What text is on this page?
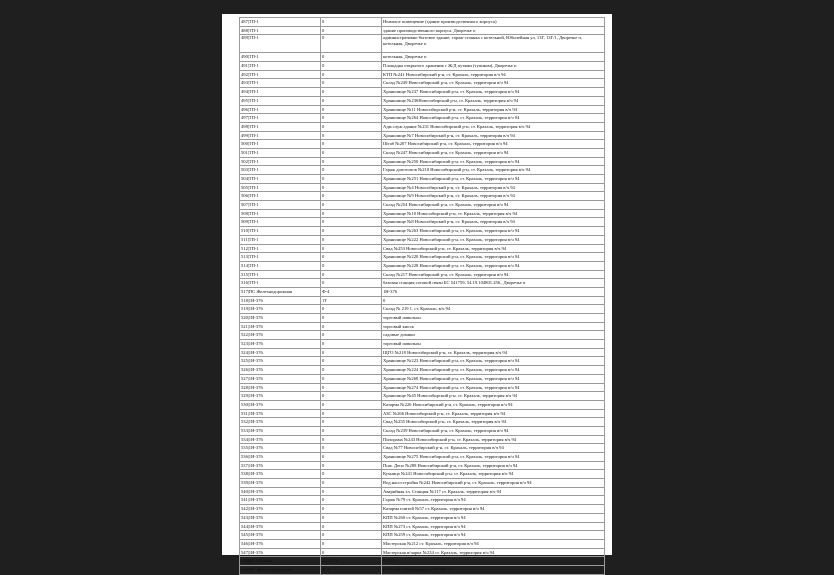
487|ТП-1	0	Нежилое помещение (здание производственного корпуса)
488|ТП-1	0	здание производственного корпуса, Дворечье п
489|ТП-1	0	административно-бытовое здание; гараж-стоянка с котельной, Юбилейная ул, 13Г, 13Г/1, Дворечье п, котельная, Дворечье п
490|ТП-1	0	котельная, Дворечье п
491|ТП-1	0	Площадка открытого хранения с Ж/Д путями (тупиком), Дворечье п
492|ТП-1	0	КТП №241 Новосибирский р-н, ст. Крахаль, территория в/ч 94
493|ТП-1	0	Склад №249 Новосибирский р-н, ст. Крахаль, территория в/ч 94
494|ТП-1	0	Хранилище №237 Новосибирский р-н, ст. Крахаль, территория в/ч 94
495|ТП-1	0	Хранилище №236Новосибирский р-н, ст. Крахаль, территория в/ч 94
496|ТП-1	0	Хранилище №11 Новосибирский р-н, ст. Крахаль, территория в/ч 94
497|ТП-1	0	Хранилище №264 Новосибирский р-н, ст. Крахаль, территория в/ч 94
498|ТП-1	0	Адм.служ.здание №231 Новосибирский р-н, ст. Крахаль, территория в/ч 94
499|ТП-1	0	Хранилище №7 Новосибирский р-н, ст. Крахаль, территория в/ч 94
500|ТП-1	0	Штаб №207 Новосибирский р-н, ст. Крахаль, территория в/ч 94
501|ТП-1	0	Склад №247 Новосибирский р-н, ст. Крахаль, территория в/ч 94
502|ТП-1	0	Хранилище №250 Новосибирский р-н, ст. Крахаль, территория в/ч 94
503|ТП-1	0	Гараж допотопов №210 Новосибирский р-н, ст. Крахаль, территория в/ч 94
504|ТП-1	0	Хранилище №251 Новосибирский р-н, ст. Крахаль, территория в/ч 94
505|ТП-1	0	Хранилище №4 Новосибирский р-н, ст. Крахаль, территория в/ч 94
506|ТП-1	0	Хранилище №9 Новосибирский р-н, ст. Крахаль, территория в/ч 94
507|ТП-1	0	Склад №254 Новосибирский р-н, ст. Крахаль, территория в/ч 94
508|ТП-1	0	Хранилище №10 Новосибирский р-н, ст. Крахаль, территория в/ч 94
509|ТП-1	0	Хранилище №8 Новосибирский р-н, ст. Крахаль, территория в/ч 94
510|ТП-1	0	Хранилище №263 Новосибирский р-н, ст. Крахаль, территория в/ч 94
511|ТП-1	0	Хранилище №222 Новосибирский р-н, ст. Крахаль, территория в/ч 94
512|ТП-1	0	Свад №253 Новосибирский р-н, ст. Крахаль, территория в/ч 94
513|ТП-1	0	Хранилище №220 Новосибирский р-н, ст. Крахаль, территория в/ч 94
514|ТП-1	0	Хранилище №228 Новосибирский р-н, ст. Крахаль, территория в/ч 94
515|ТП-1	0	Склад №217 Новосибирский р-н, ст. Крахаль, территория в/ч 94
516|ТП-1	0	базовая станция сотовой связи БС 541759, 54.19.104801.256., Дворечье п
517|ПС Железнодорожная	Ф-4	1Н-376
518|1Н-376	1Т	0
519|1Н-376	0	Склад № 219 1, ст. Крахаль, в/ч 94
520|1Н-376	0	торговый павильон
521|1Н-376	0	торговый киоск
522|1Н-376	0	садовые домики
523|1Н-376	0	торговый павильон
524|1Н-376	0	ЩГО №218 Новосибирский р-н, ст. Крахаль, территория в/ч 94
525|1Н-376	0	Хранилище №223 Новосибирский р-н, ст. Крахаль, территория в/ч 94
526|1Н-376	0	Хранилище №224 Новосибирский р-н, ст. Крахаль, территория в/ч 94
527|1Н-376	0	Хранилище №268 Новосибирский р-н, ст. Крахаль, территория в/ч 94
528|1Н-376	0	Хранилище №274 Новосибирский р-н, ст. Крахаль, территория в/ч 94
529|1Н-376	0	Хранилище №45 Новосибирский р-н, ст. Крахаль, территория в/ч 94
530|1Н-376	0	Казарма №226 Новосибирский р-н, ст. Крахаль, территория в/ч 94
531|1Н-376	0	АЗС №266 Новосибирский р-н, ст. Крахаль, территория в/ч 94
532|1Н-376	0	Свад №255 Новосибирский р-н, ст. Крахаль, территория в/ч 94
533|1Н-376	0	Склад №239 Новосибирский р-н, ст. Крахаль, территория в/ч 94
534|1Н-376	0	Пилорама №243 Новосибирский р-н, ст. Крахаль, территория в/ч 94
535|1Н-376	0	Свад №77 Новосибирский р-н, ст. Крахаль, территория в/ч 94
536|1Н-376	0	Хранилище №275 Новосибирский р-н, ст. Крахаль, территория в/ч 94
537|1Н-376	0	Пож. Депо №288 Новосибирский р-н, ст. Крахаль, территория в/ч 94
538|1Н-376	0	Кухница №241 Новосибирский р-н, ст. Крахаль, территория в/ч 94
539|1Н-376	0	Вод.насосстройка №242 Новосибирский р-н, ст. Крахаль, территория в/ч 94
540|1Н-376	0	Аварийная эл. Станция №117 ст. Крахаль, территория в/ч 94
541|1Н-376	0	Гараж №79 ст. Крахаль, территория в/ч 94
542|1Н-376	0	Казарма плитей №57 ст. Крахаль, территория в/ч 94
543|1Н-376	0	КПП №260 ст. Крахаль, территория в/ч 94
544|1Н-376	0	КПП №273 ст. Крахаль, территория в/ч 94
545|1Н-376	0	КПП №259 ст. Крахаль, территория в/ч 94
546|1Н-376	0	Мастерская №212 ст. Крахаль, территория в/ч 94
547|1Н-376	0	Мастерская в/парка №234 ст. Крахаль, территория в/ч 94
548|РП Крахаль	1СШ-10	В-19-1
549|ПС Железнодорожная	Ф-7	СГО ОАО Оборонэнерго ТП 1Н-11
